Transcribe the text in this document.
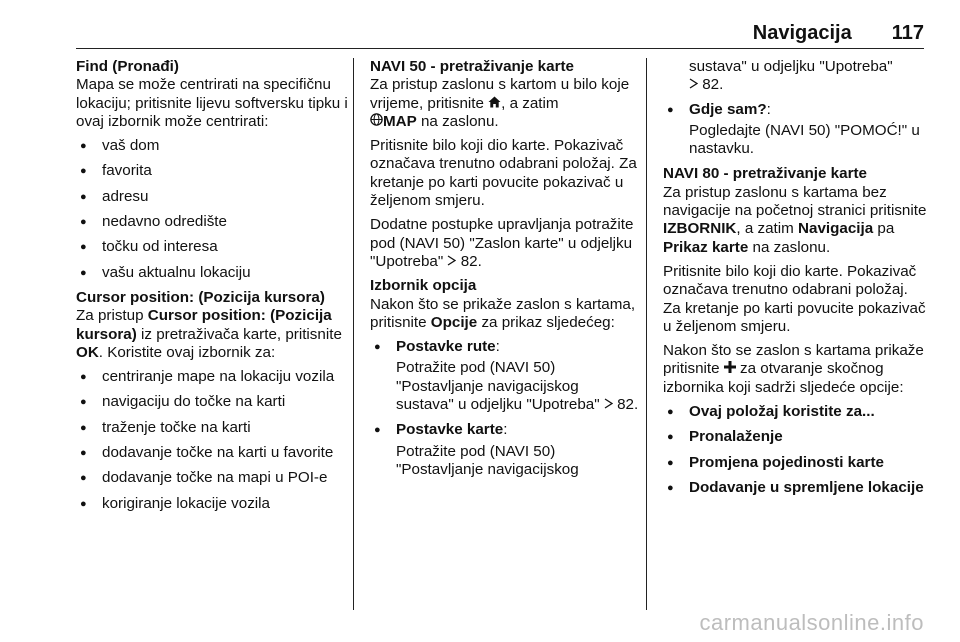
Navigacija 117
Find (Pronađi)

Mapa se može centrirati na specifičnu lokaciju; pritisnite lijevu softversku tipku i ovaj izbornik može centrirati:

● vaš dom
● favorita
● adresu
● nedavno odredište
● točku od interesa
● vašu aktualnu lokaciju
Cursor position: (Pozicija kursora)

Za pristup Cursor position: (Pozicija kursora) iz pretraživača karte, pritisnite OK. Koristite ovaj izbornik za:

● centriranje mape na lokaciju vozila
● navigaciju do točke na karti
● traženje točke na karti
● dodavanje točke na karti u favorite
● dodavanje točke na mapi u POI-e
● korigiranje lokacije vozila
NAVI 50 - pretraživanje karte

Za pristup zaslonu s kartom u bilo koje vrijeme, pritisnite , a zatim
MAP na zaslonu.

Pritisnite bilo koji dio karte. Pokazivač označava trenutno odabrani položaj. Za kretanje po karti povucite pokazivač u željenom smjeru.

Dodatne postupke upravljanja potražite pod (NAVI 50) "Zaslon karte" u odjeljku "Upotreba"  82.

Izbornik opcija

Nakon što se prikaže zaslon s kartama, pritisnite Opcije za prikaz sljedećeg:

● Postavke rute:
Potražite pod (NAVI 50) "Postavljanje navigacijskog sustava" u odjeljku "Upotreba"  82.
● Postavke karte:
Potražite pod (NAVI 50) "Postavljanje navigacijskog

sustava" u odjeljku "Upotreba"
82.

● Gdje sam?:
Pogledajte (NAVI 50) "POMOĆ!" u nastavku.
NAVI 80 - pretraživanje karte

Za pristup zaslonu s kartama bez navigacije na početnoj stranici pritisnite IZBORNIK, a zatim Navigacija pa Prikaz karte na zaslonu.

Pritisnite bilo koji dio karte. Pokazivač označava trenutno odabrani položaj. Za kretanje po karti povucite pokazivač u željenom smjeru.

Nakon što se zaslon s kartama prikaže pritisnite  za otvaranje skočnog izbornika koji sadrži sljedeće opcije:

● Ovaj položaj koristite za...
● Pronalaženje
● Promjena pojedinosti karte
● Dodavanje u spremljene lokacije
carmanualsonline.info
